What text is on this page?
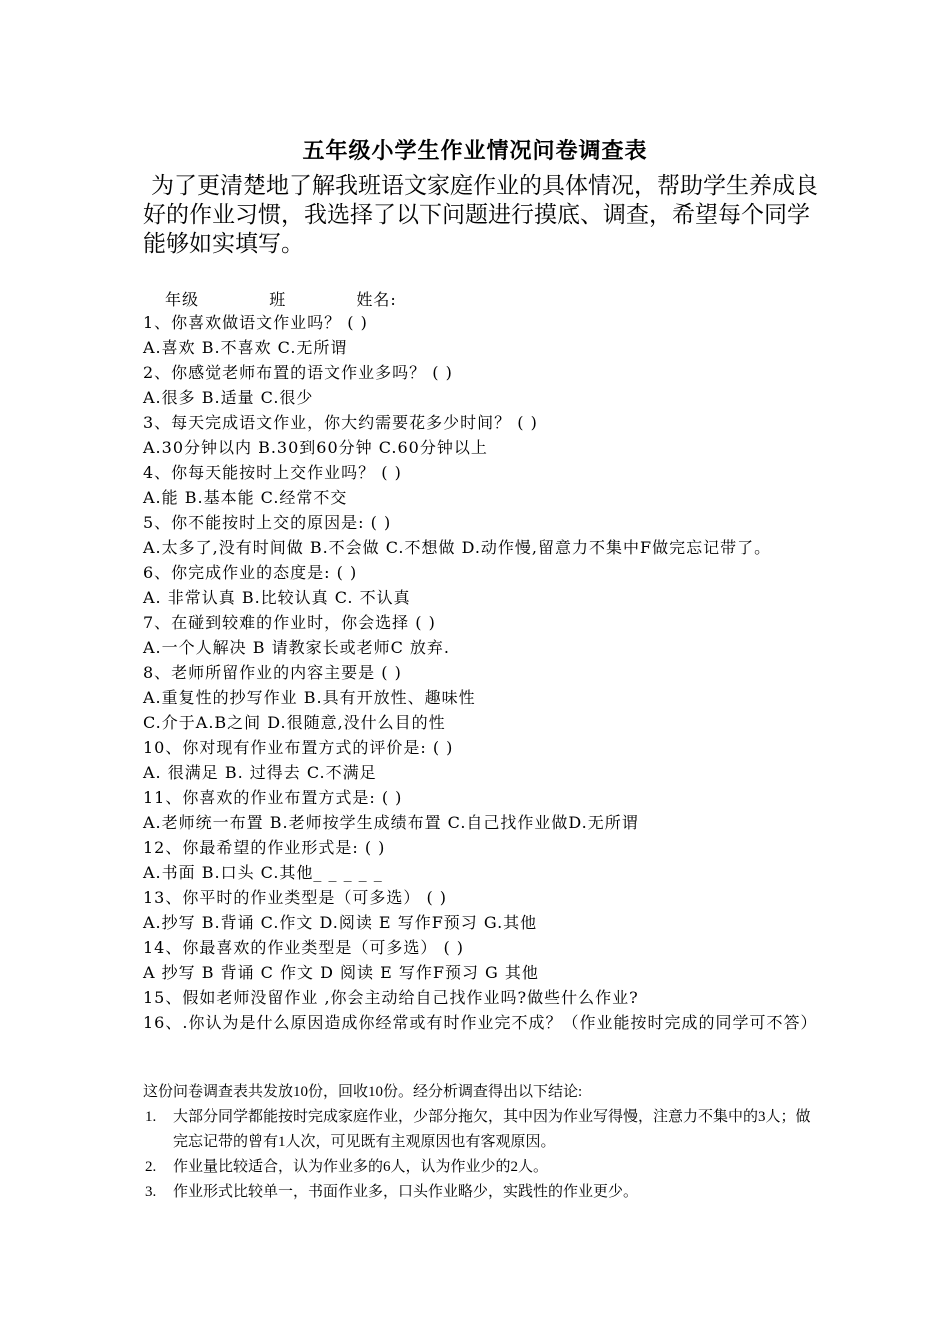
五年级小学生作业情况问卷调查表
为了更清楚地了解我班语文家庭作业的具体情况，帮助学生养成良好的作业习惯，我选择了以下问题进行摸底、调查，希望每个同学能够如实填写。
年级	班	姓名:
1、你喜欢做语文作业吗？ ( )
A.喜欢 B.不喜欢 C.无所谓
2、你感觉老师布置的语文作业多吗？ ( )
A.很多 B.适量 C.很少
3、每天完成语文作业，你大约需要花多少时间？ ( )
A.30分钟以内 B.30到60分钟 C.60分钟以上
4、你每天能按时上交作业吗？ ( )
A.能 B.基本能 C.经常不交
5、你不能按时上交的原因是: ( )
A.太多了,没有时间做 B.不会做 C.不想做 D.动作慢,留意力不集中F做完忘记带了。
6、你完成作业的态度是: ( )
A. 非常认真 B.比较认真 C. 不认真
7、在碰到较难的作业时，你会选择 ( )
A.一个人解决 B 请教家长或老师C 放弃.
8、老师所留作业的内容主要是 ( )
A.重复性的抄写作业 B.具有开放性、趣味性
C.介于A.B之间 D.很随意,没什么目的性
10、你对现有作业布置方式的评价是: ( )
A. 很满足 B. 过得去 C.不满足
11、你喜欢的作业布置方式是: ( )
A.老师统一布置 B.老师按学生成绩布置 C.自己找作业做D.无所谓
12、你最希望的作业形式是: ( )
A.书面 B.口头 C.其他_ _ _ _ _
13、你平时的作业类型是（可多选） ( )
A.抄写 B.背诵 C.作文 D.阅读 E 写作F预习 G.其他
14、你最喜欢的作业类型是（可多选） ( )
A 抄写 B 背诵 C 作文 D 阅读 E 写作F预习 G 其他
15、假如老师没留作业 ,你会主动给自己找作业吗?做些什么作业?
16、.你认为是什么原因造成你经常或有时作业完不成？（作业能按时完成的同学可不答）
这份问卷调查表共发放10份，回收10份。经分析调查得出以下结论:
1. 大部分同学都能按时完成家庭作业，少部分拖欠，其中因为作业写得慢，注意力不集中的3人；做完忘记带的曾有1人次，可见既有主观原因也有客观原因。
2. 作业量比较适合，认为作业多的6人，认为作业少的2人。
3. 作业形式比较单一，书面作业多，口头作业略少，实践性的作业更少。
